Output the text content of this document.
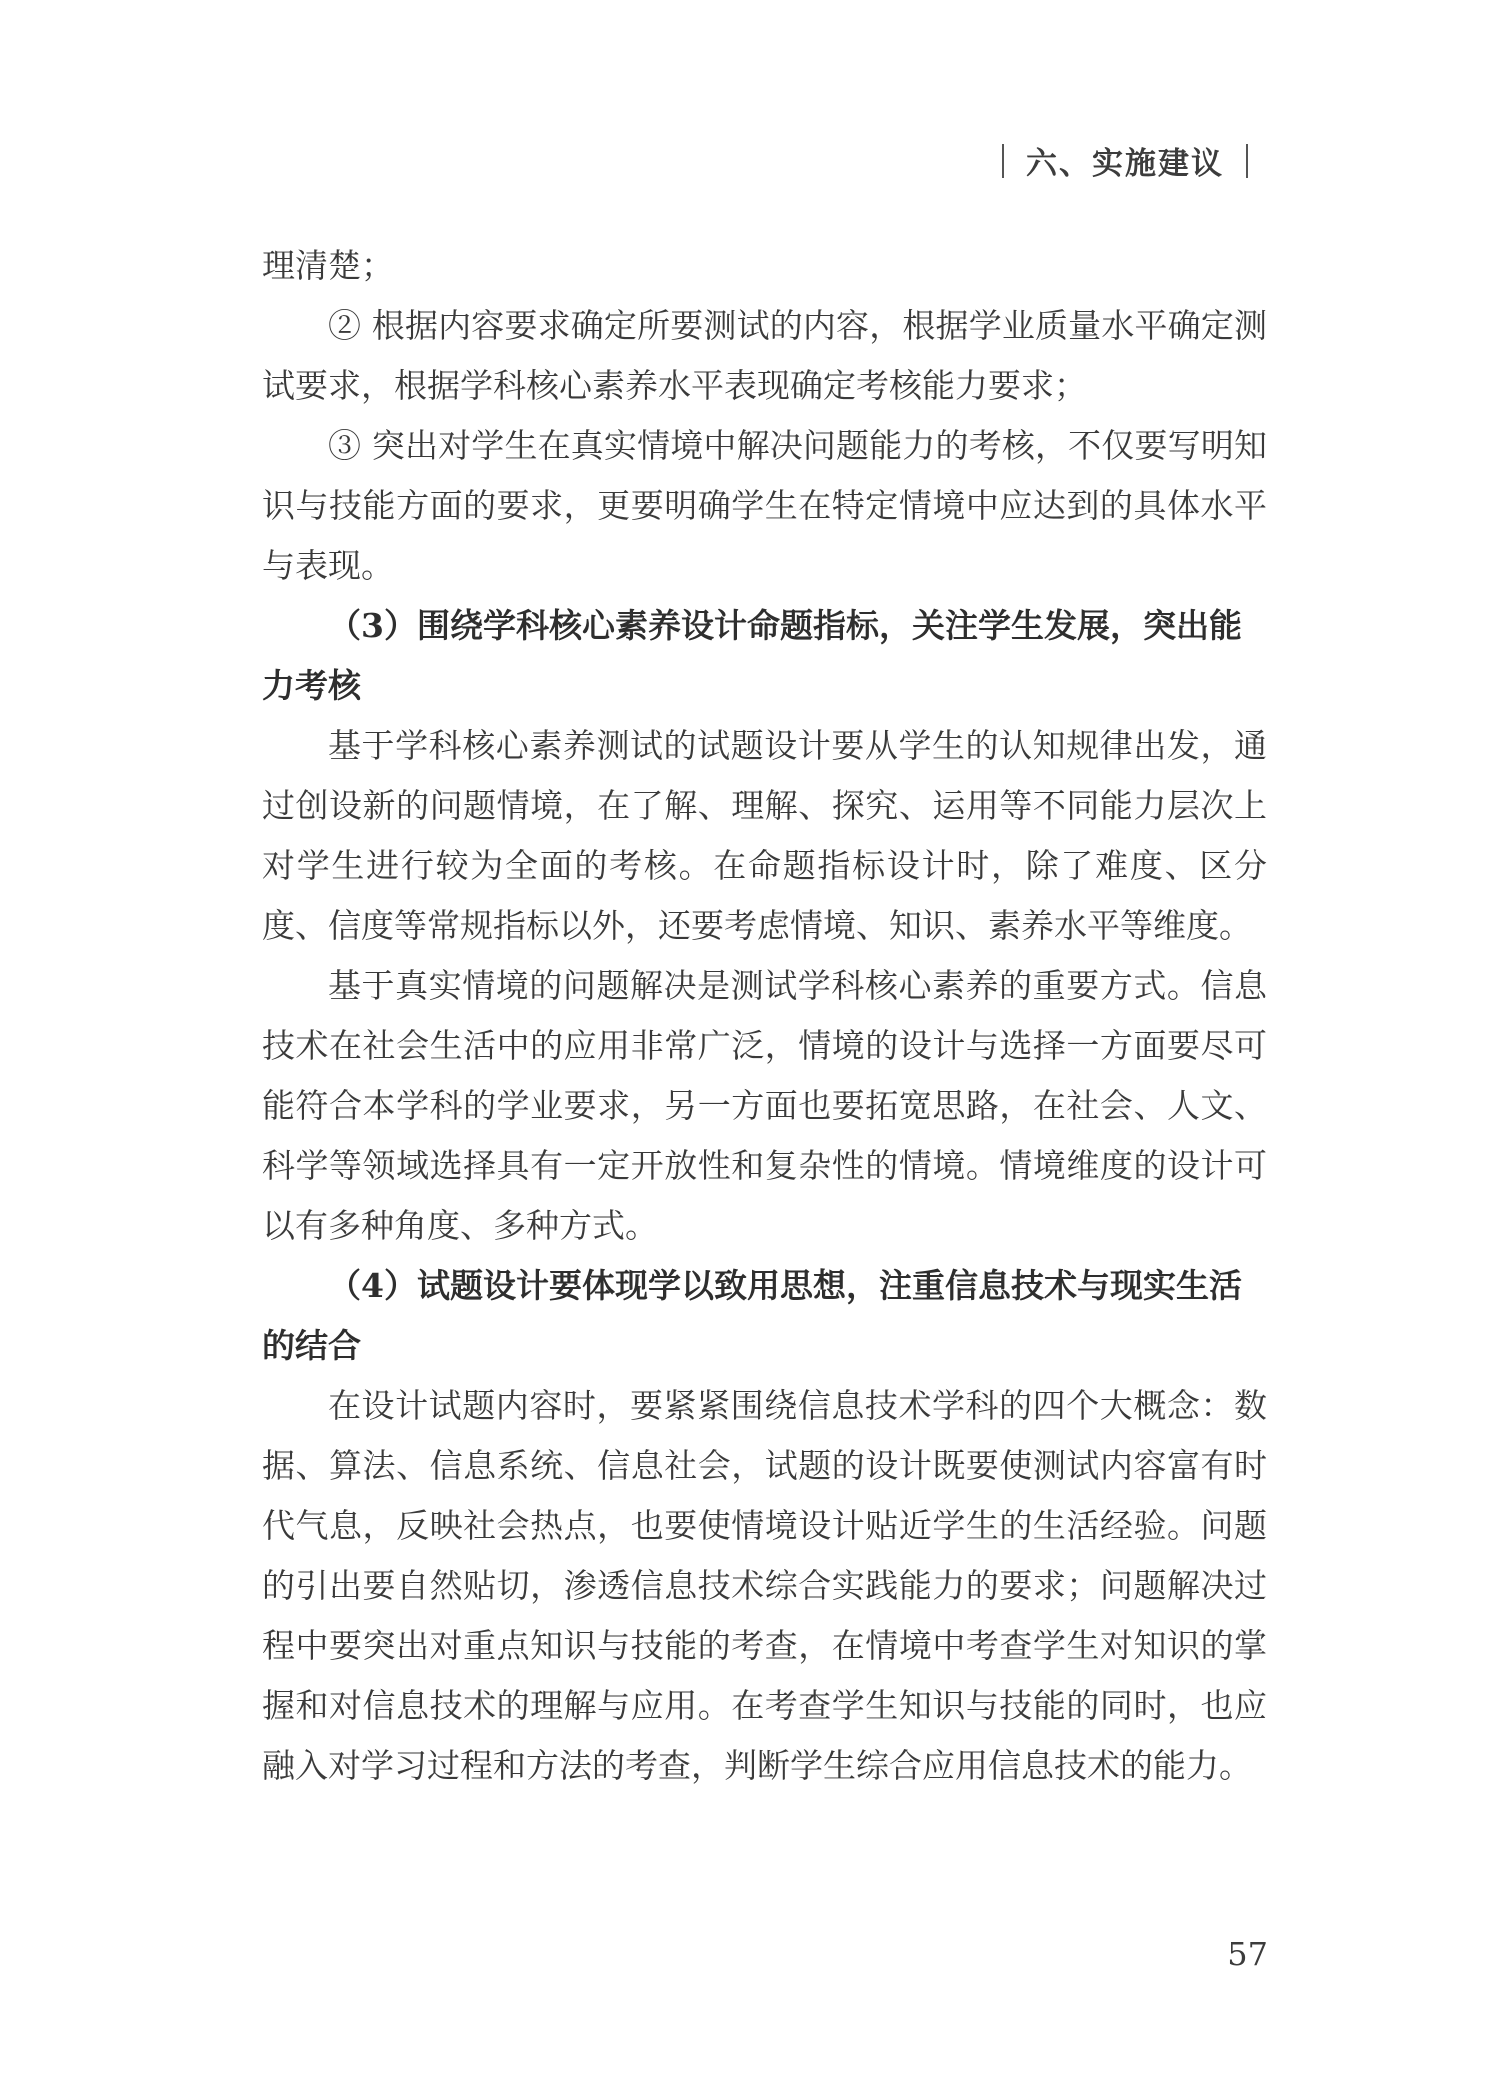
六、实施建议

理清楚；

② 根据内容要求确定所要测试的内容，根据学业质量水平确定测试要求，根据学科核心素养水平表现确定考核能力要求；

③ 突出对学生在真实情境中解决问题能力的考核，不仅要写明知识与技能方面的要求，更要明确学生在特定情境中应达到的具体水平与表现。

（3）围绕学科核心素养设计命题指标，关注学生发展，突出能力考核

基于学科核心素养测试的试题设计要从学生的认知规律出发，通过创设新的问题情境，在了解、理解、探究、运用等不同能力层次上对学生进行较为全面的考核。在命题指标设计时，除了难度、区分度、信度等常规指标以外，还要考虑情境、知识、素养水平等维度。

基于真实情境的问题解决是测试学科核心素养的重要方式。信息技术在社会生活中的应用非常广泛，情境的设计与选择一方面要尽可能符合本学科的学业要求，另一方面也要拓宽思路，在社会、人文、科学等领域选择具有一定开放性和复杂性的情境。情境维度的设计可以有多种角度、多种方式。

（4）试题设计要体现学以致用思想，注重信息技术与现实生活的结合

在设计试题内容时，要紧紧围绕信息技术学科的四个大概念：数据、算法、信息系统、信息社会，试题的设计既要使测试内容富有时代气息，反映社会热点，也要使情境设计贴近学生的生活经验。问题的引出要自然贴切，渗透信息技术综合实践能力的要求；问题解决过程中要突出对重点知识与技能的考查，在情境中考查学生对知识的掌握和对信息技术的理解与应用。在考查学生知识与技能的同时，也应融入对学习过程和方法的考查，判断学生综合应用信息技术的能力。

57
